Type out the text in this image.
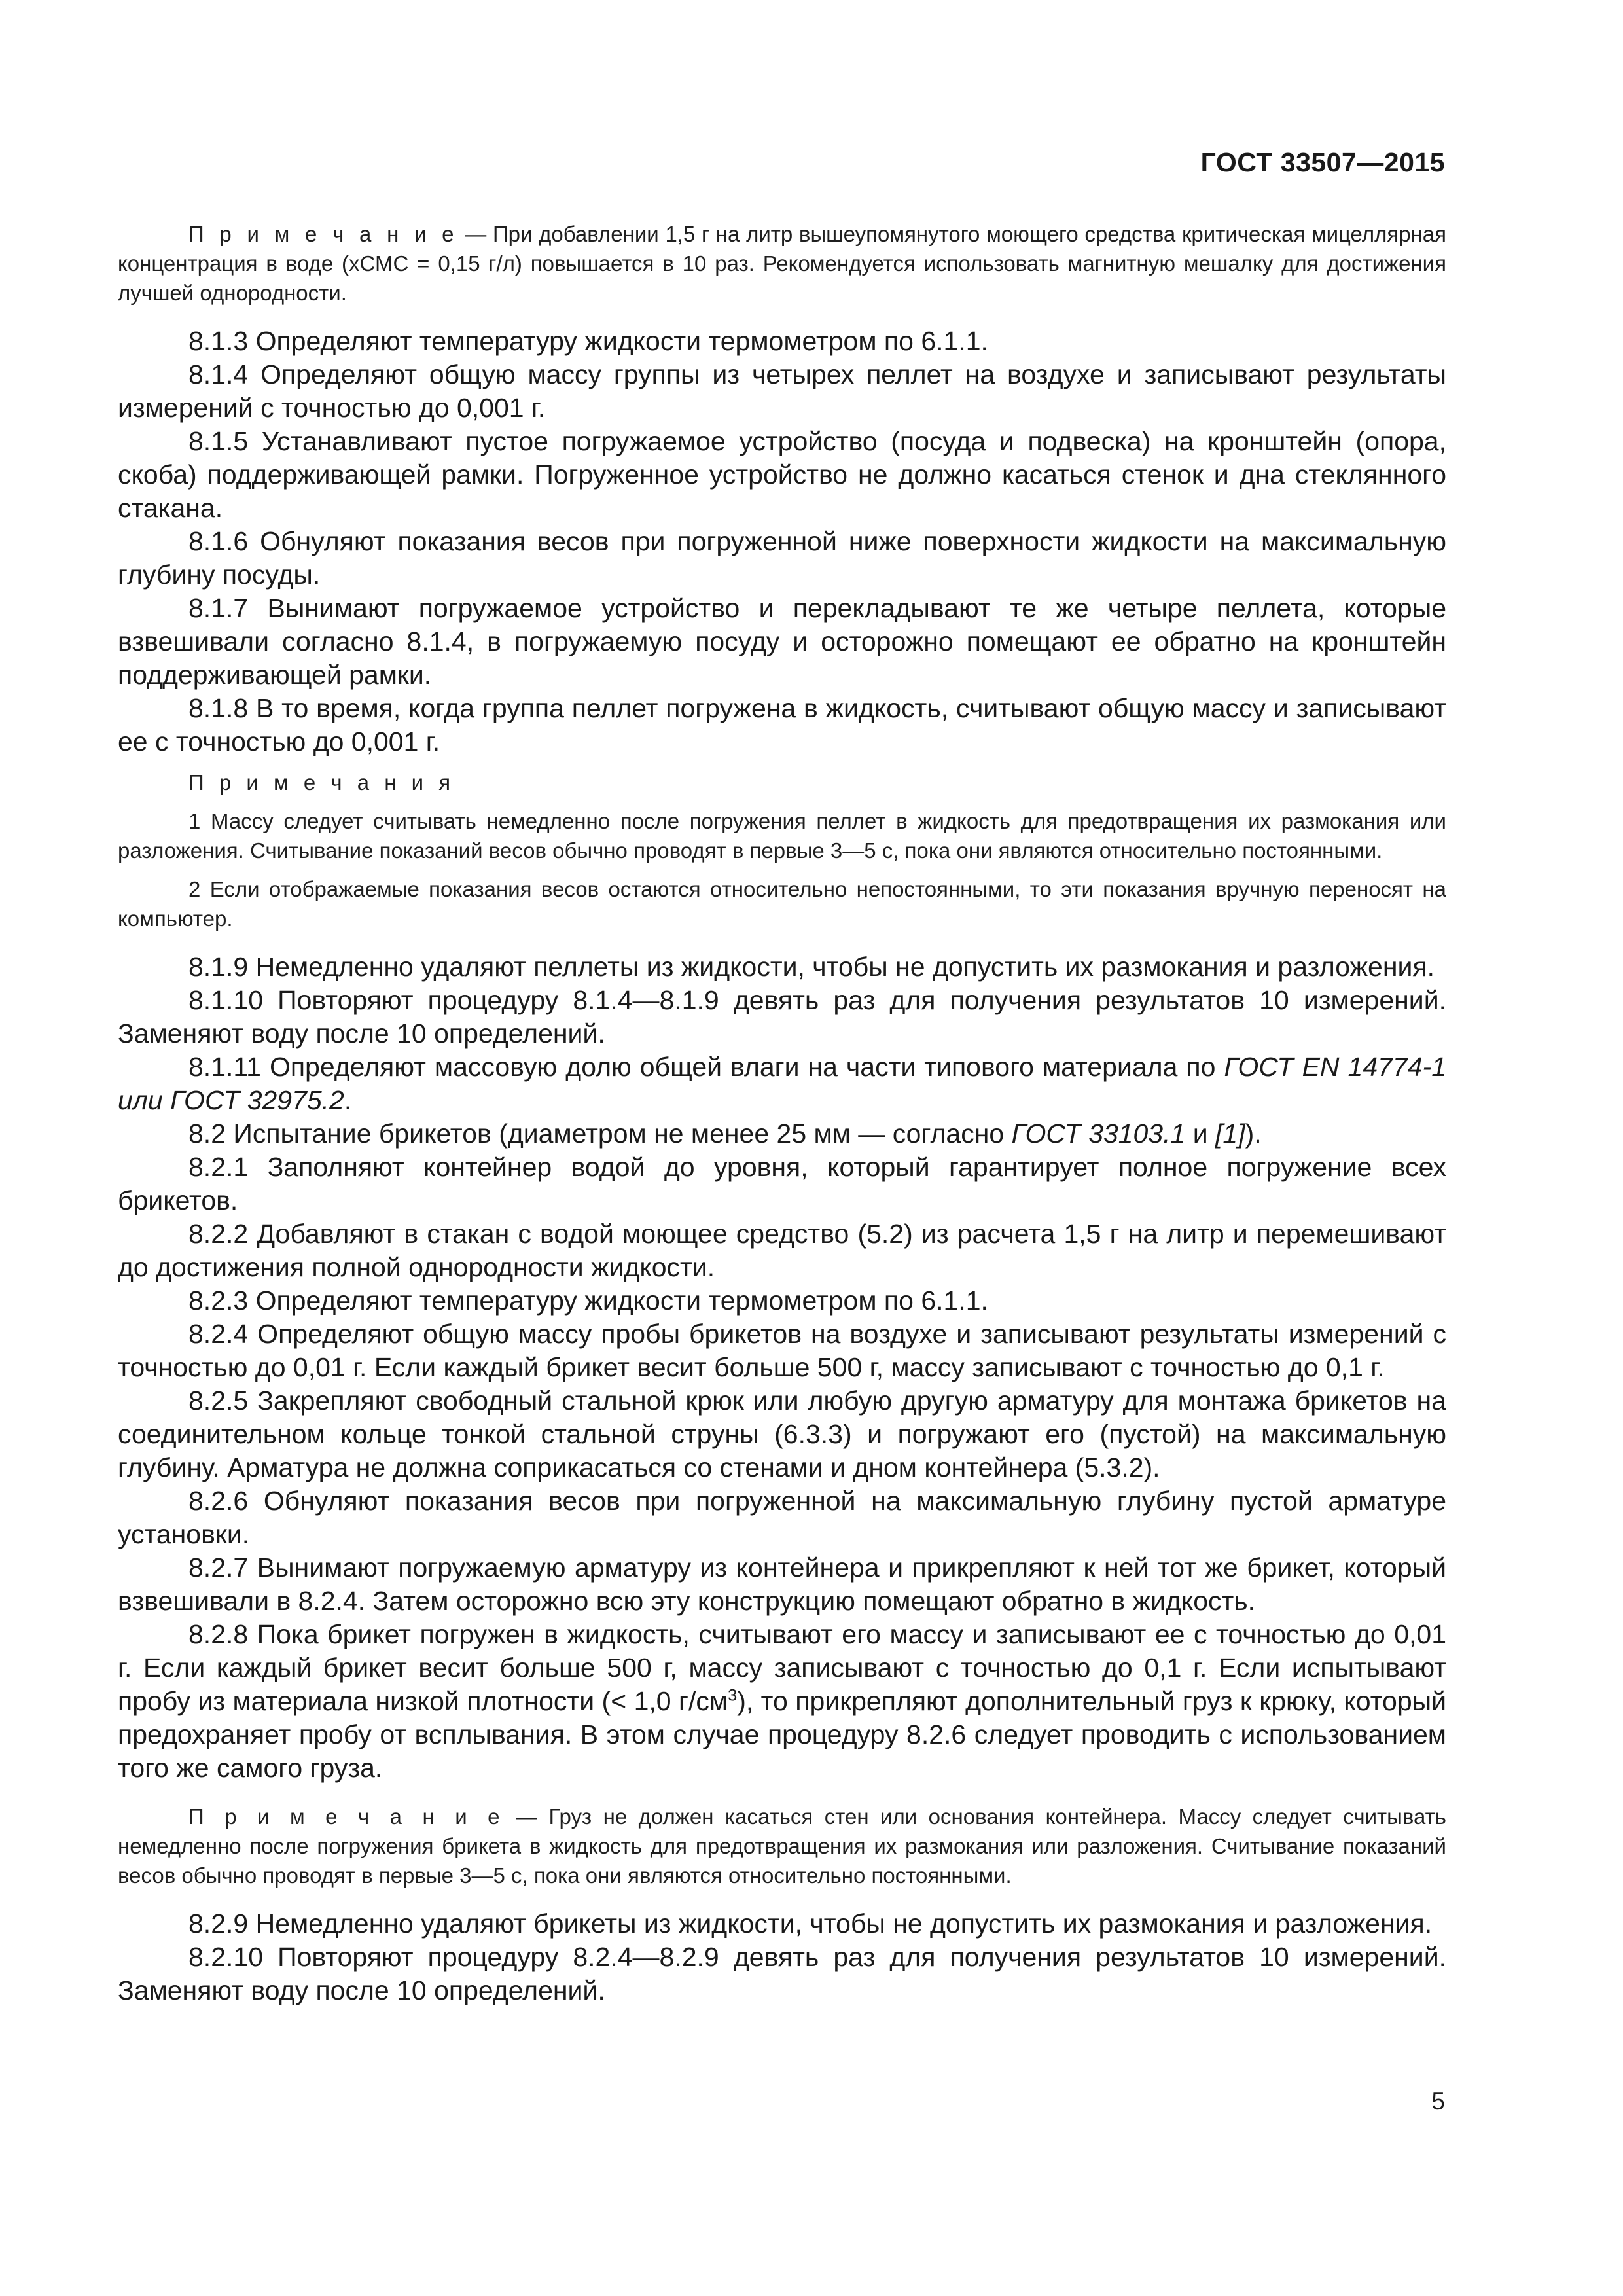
ГОСТ 33507—2015

П р и м е ч а н и е — При добавлении 1,5 г на литр вышеупомянутого моющего средства критическая мицеллярная концентрация в воде (хСМС = 0,15 г/л) повышается в 10 раз. Рекомендуется использовать магнитную мешалку для достижения лучшей однородности.

8.1.3 Определяют температуру жидкости термометром по 6.1.1.

8.1.4 Определяют общую массу группы из четырех пеллет на воздухе и записывают результаты измерений с точностью до 0,001 г.

8.1.5 Устанавливают пустое погружаемое устройство (посуда и подвеска) на кронштейн (опора, скоба) поддерживающей рамки. Погруженное устройство не должно касаться стенок и дна стеклянного стакана.

8.1.6 Обнуляют показания весов при погруженной ниже поверхности жидкости на максимальную глубину посуды.

8.1.7 Вынимают погружаемое устройство и перекладывают те же четыре пеллета, которые взвешивали согласно 8.1.4, в погружаемую посуду и осторожно помещают ее обратно на кронштейн поддерживающей рамки.

8.1.8 В то время, когда группа пеллет погружена в жидкость, считывают общую массу и записывают ее с точностью до 0,001 г.

П р и м е ч а н и я

1 Массу следует считывать немедленно после погружения пеллет в жидкость для предотвращения их размокания или разложения. Считывание показаний весов обычно проводят в первые 3—5 с, пока они являются относительно постоянными.

2 Если отображаемые показания весов остаются относительно непостоянными, то эти показания вручную переносят на компьютер.

8.1.9 Немедленно удаляют пеллеты из жидкости, чтобы не допустить их размокания и разложения.

8.1.10 Повторяют процедуру 8.1.4—8.1.9 девять раз для получения результатов 10 измерений. Заменяют воду после 10 определений.

8.1.11 Определяют массовую долю общей влаги на части типового материала по ГОСТ EN 14774-1 или ГОСТ 32975.2.

8.2 Испытание брикетов (диаметром не менее 25 мм — согласно ГОСТ 33103.1 и [1]).

8.2.1 Заполняют контейнер водой до уровня, который гарантирует полное погружение всех брикетов.

8.2.2 Добавляют в стакан с водой моющее средство (5.2) из расчета 1,5 г на литр и перемешивают до достижения полной однородности жидкости.

8.2.3 Определяют температуру жидкости термометром по 6.1.1.

8.2.4 Определяют общую массу пробы брикетов на воздухе и записывают результаты измерений с точностью до 0,01 г. Если каждый брикет весит больше 500 г, массу записывают с точностью до 0,1 г.

8.2.5 Закрепляют свободный стальной крюк или любую другую арматуру для монтажа брикетов на соединительном кольце тонкой стальной струны (6.3.3) и погружают его (пустой) на максимальную глубину. Арматура не должна соприкасаться со стенами и дном контейнера (5.3.2).

8.2.6 Обнуляют показания весов при погруженной на максимальную глубину пустой арматуре установки.

8.2.7 Вынимают погружаемую арматуру из контейнера и прикрепляют к ней тот же брикет, который взвешивали в 8.2.4. Затем осторожно всю эту конструкцию помещают обратно в жидкость.

8.2.8 Пока брикет погружен в жидкость, считывают его массу и записывают ее с точностью до 0,01 г. Если каждый брикет весит больше 500 г, массу записывают с точностью до 0,1 г. Если испытывают пробу из материала низкой плотности (< 1,0 $г/см^3$), то прикрепляют дополнительный груз к крюку, который предохраняет пробу от всплывания. В этом случае процедуру 8.2.6 следует проводить с использованием того же самого груза.

П р и м е ч а н и е — Груз не должен касаться стен или основания контейнера. Массу следует считывать немедленно после погружения брикета в жидкость для предотвращения их размокания или разложения. Считывание показаний весов обычно проводят в первые 3—5 с, пока они являются относительно постоянными.

8.2.9 Немедленно удаляют брикеты из жидкости, чтобы не допустить их размокания и разложения.

8.2.10 Повторяют процедуру 8.2.4—8.2.9 девять раз для получения результатов 10 измерений. Заменяют воду после 10 определений.

5
